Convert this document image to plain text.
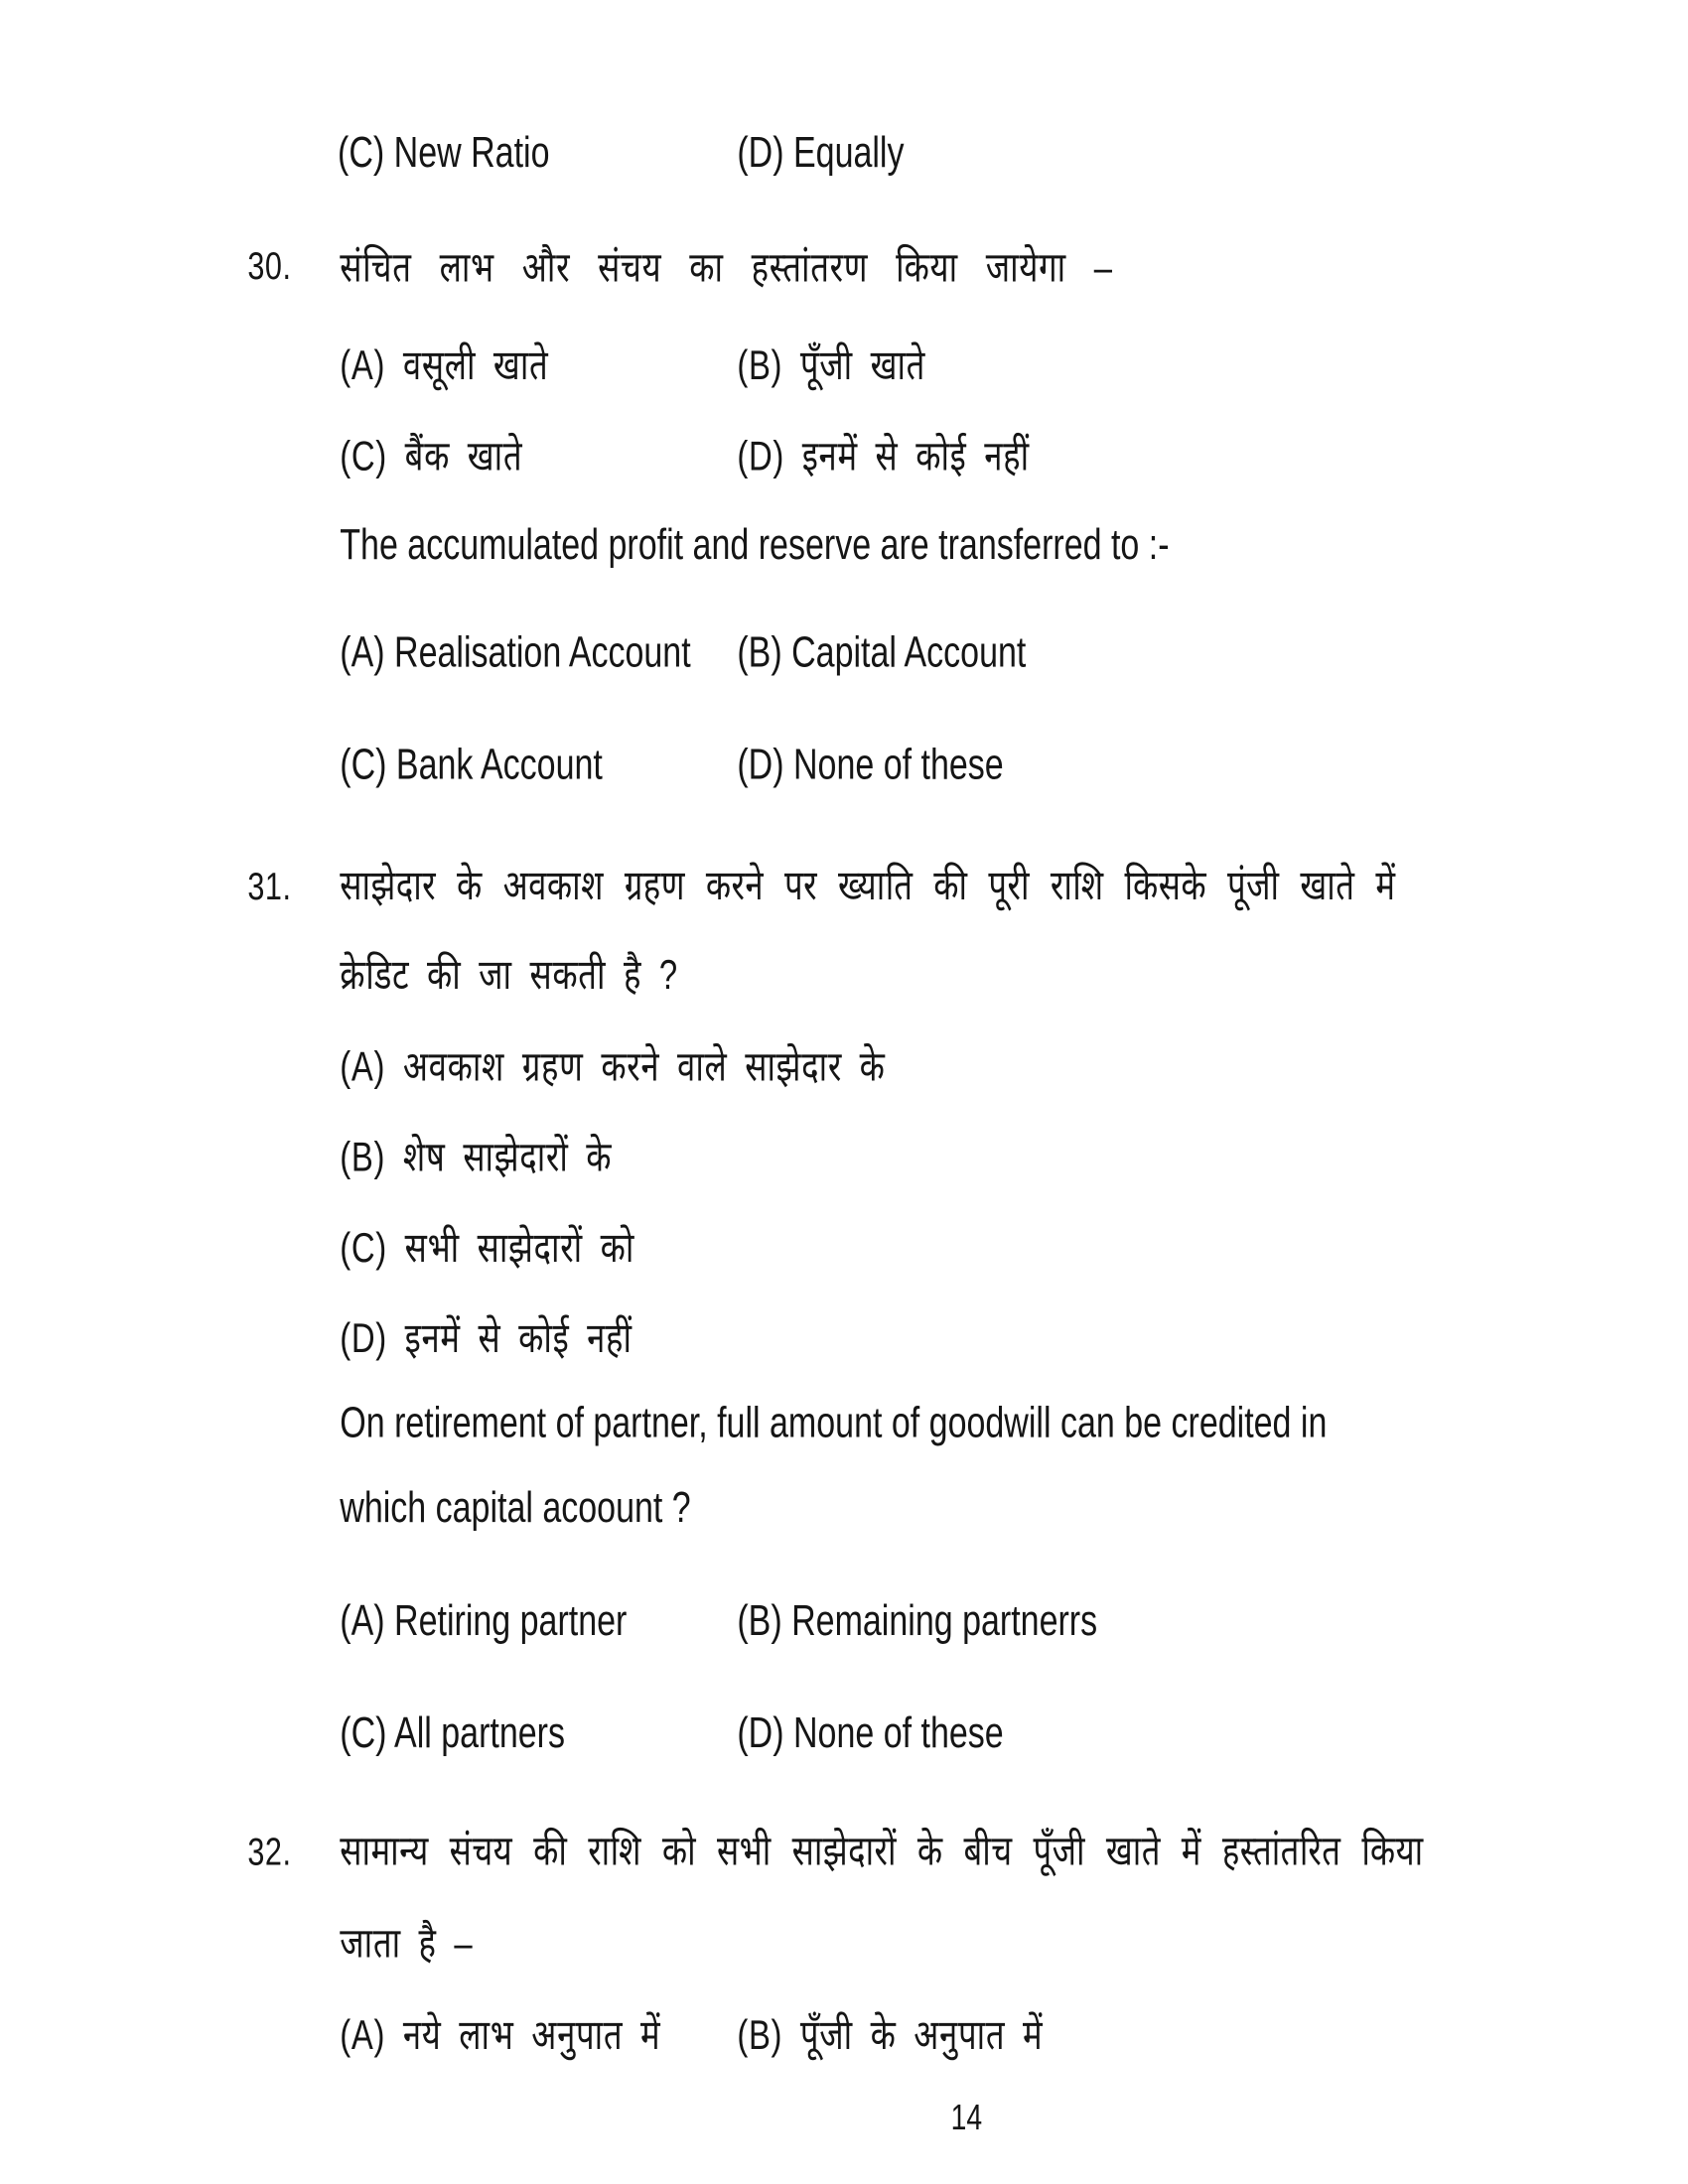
(C) New Ratio	(D) Equally
30. संचित लाभ और संचय का हस्तांतरण किया जायेगा –
(A) वसूली खाते	(B) पूँजी खाते
(C) बैंक खाते	(D) इनमें से कोई नहीं
The accumulated profit and reserve are transferred to :-
(A) Realisation Account (B) Capital Account
(C) Bank Account	(D) None of these
31. साझेदार के अवकाश ग्रहण करने पर ख्याति की पूरी राशि किसके पूंजी खाते में
क्रेडिट की जा सकती है ?
(A) अवकाश ग्रहण करने वाले साझेदार के
(B) शेष साझेदारों के
(C) सभी साझेदारों को
(D) इनमें से कोई नहीं
On retirement of partner, full amount of goodwill can be credited in
which capital acoount ?
(A) Retiring partner	(B) Remaining partnerrs
(C) All partners	(D) None of these
32. सामान्य संचय की राशि को सभी साझेदारों के बीच पूँजी खाते में हस्तांतरित किया
जाता है –
(A) नये लाभ अनुपात में	(B) पूँजी के अनुपात में
14
